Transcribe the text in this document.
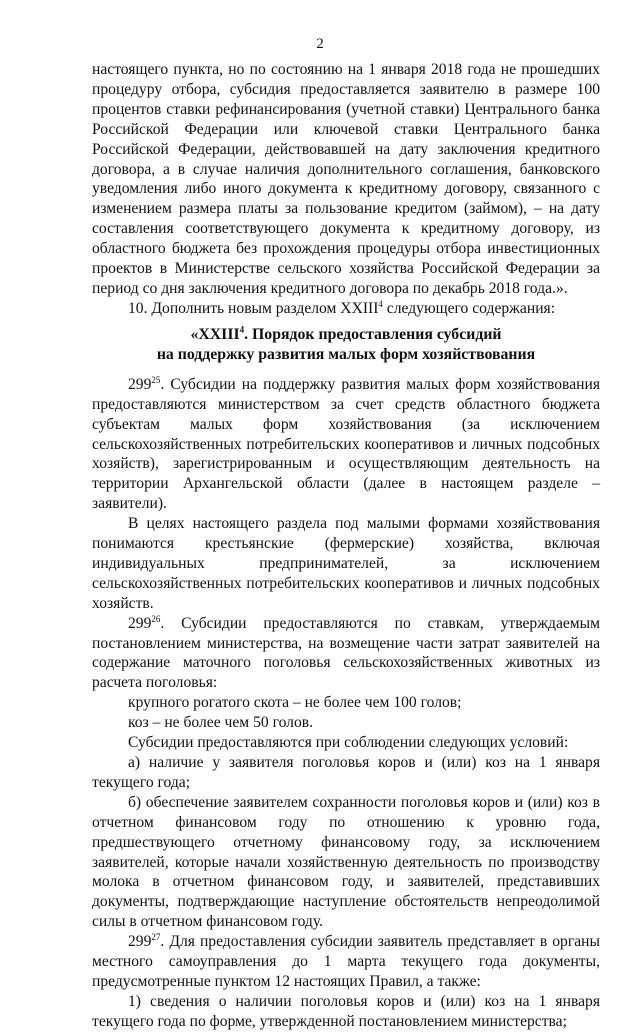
2

настоящего пункта, но по состоянию на 1 января 2018 года не прошедших процедуру отбора, субсидия предоставляется заявителю в размере 100 процентов ставки рефинансирования (учетной ставки) Центрального банка Российской Федерации или ключевой ставки Центрального банка Российской Федерации, действовавшей на дату заключения кредитного договора, а в случае наличия дополнительного соглашения, банковского уведомления либо иного документа к кредитному договору, связанного с изменением размера платы за пользование кредитом (займом), – на дату составления соответствующего документа к кредитному договору, из областного бюджета без прохождения процедуры отбора инвестиционных проектов в Министерстве сельского хозяйства Российской Федерации за период со дня заключения кредитного договора по декабрь 2018 года.».

10. Дополнить новым разделом XXIII$^4$ следующего содержания:

«XXIII$^4$. Порядок предоставления субсидий
на поддержку развития малых форм хозяйствования

$299^{25}$. Субсидии на поддержку развития малых форм хозяйствования предоставляются министерством за счет средств областного бюджета субъектам малых форм хозяйствования (за исключением сельскохозяйственных потребительских кооперативов и личных подсобных хозяйств), зарегистрированным и осуществляющим деятельность на территории Архангельской области (далее в настоящем разделе – заявители).

В целях настоящего раздела под малыми формами хозяйствования понимаются крестьянские (фермерские) хозяйства, включая индивидуальных предпринимателей, за исключением сельскохозяйственных потребительских кооперативов и личных подсобных хозяйств.

$299^{26}$. Субсидии предоставляются по ставкам, утверждаемым постановлением министерства, на возмещение части затрат заявителей на содержание маточного поголовья сельскохозяйственных животных из расчета поголовья:

крупного рогатого скота – не более чем 100 голов;

коз – не более чем 50 голов.

Субсидии предоставляются при соблюдении следующих условий:

а) наличие у заявителя поголовья коров и (или) коз на 1 января текущего года;

б) обеспечение заявителем сохранности поголовья коров и (или) коз в отчетном финансовом году по отношению к уровню года, предшествующего отчетному финансовому году, за исключением заявителей, которые начали хозяйственную деятельность по производству молока в отчетном финансовом году, и заявителей, представивших документы, подтверждающие наступление обстоятельств непреодолимой силы в отчетном финансовом году.

$299^{27}$. Для предоставления субсидии заявитель представляет в органы местного самоуправления до 1 марта текущего года документы, предусмотренные пунктом 12 настоящих Правил, а также:

1) сведения о наличии поголовья коров и (или) коз на 1 января текущего года по форме, утвержденной постановлением министерства;
